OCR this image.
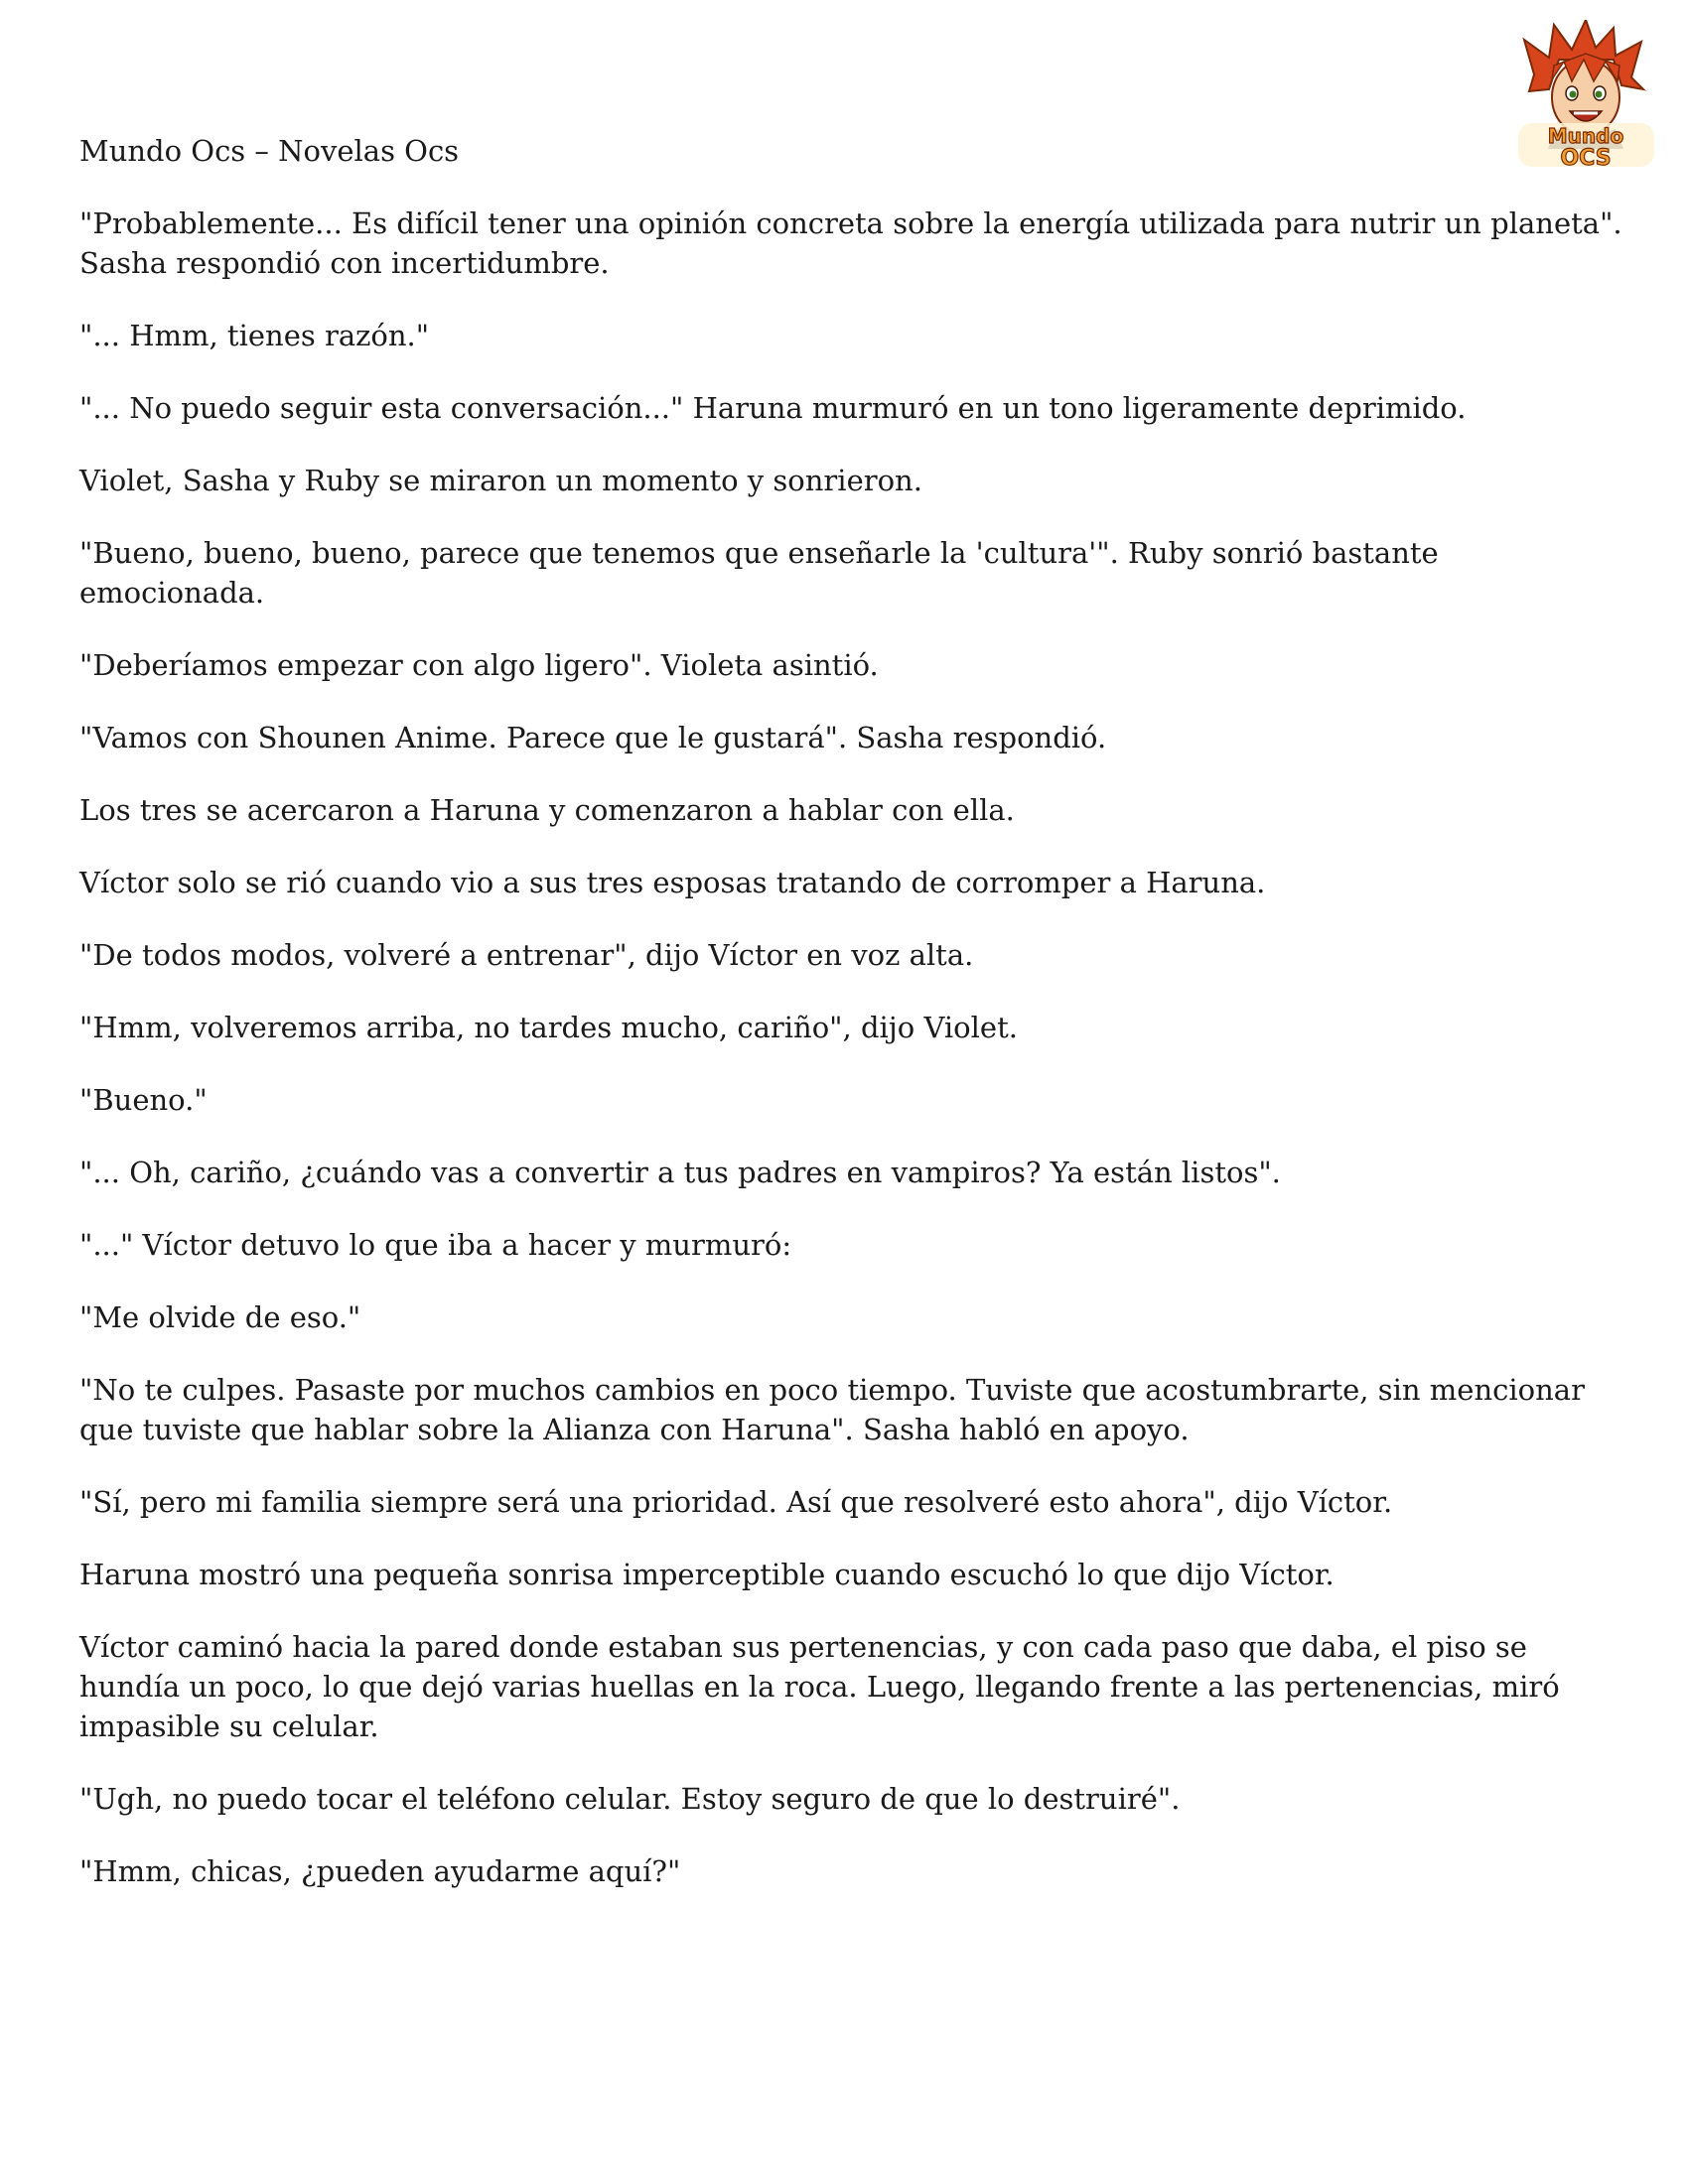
Mundo
OCS
Mundo Ocs – Novelas Ocs

"Probablemente... Es difícil tener una opinión concreta sobre la energía utilizada para nutrir un planeta". Sasha respondió con incertidumbre.

"... Hmm, tienes razón."

"... No puedo seguir esta conversación..." Haruna murmuró en un tono ligeramente deprimido.

Violet, Sasha y Ruby se miraron un momento y sonrieron.

"Bueno, bueno, bueno, parece que tenemos que enseñarle la 'cultura'". Ruby sonrió bastante emocionada.

"Deberíamos empezar con algo ligero". Violeta asintió.

"Vamos con Shounen Anime. Parece que le gustará". Sasha respondió.

Los tres se acercaron a Haruna y comenzaron a hablar con ella.

Víctor solo se rió cuando vio a sus tres esposas tratando de corromper a Haruna.

"De todos modos, volveré a entrenar", dijo Víctor en voz alta.

"Hmm, volveremos arriba, no tardes mucho, cariño", dijo Violet.

"Bueno."

"... Oh, cariño, ¿cuándo vas a convertir a tus padres en vampiros? Ya están listos".

"..." Víctor detuvo lo que iba a hacer y murmuró:

"Me olvide de eso."

"No te culpes. Pasaste por muchos cambios en poco tiempo. Tuviste que acostumbrarte, sin mencionar que tuviste que hablar sobre la Alianza con Haruna". Sasha habló en apoyo.

"Sí, pero mi familia siempre será una prioridad. Así que resolveré esto ahora", dijo Víctor.

Haruna mostró una pequeña sonrisa imperceptible cuando escuchó lo que dijo Víctor.

Víctor caminó hacia la pared donde estaban sus pertenencias, y con cada paso que daba, el piso se hundía un poco, lo que dejó varias huellas en la roca. Luego, llegando frente a las pertenencias, miró impasible su celular.

"Ugh, no puedo tocar el teléfono celular. Estoy seguro de que lo destruiré".

"Hmm, chicas, ¿pueden ayudarme aquí?"
